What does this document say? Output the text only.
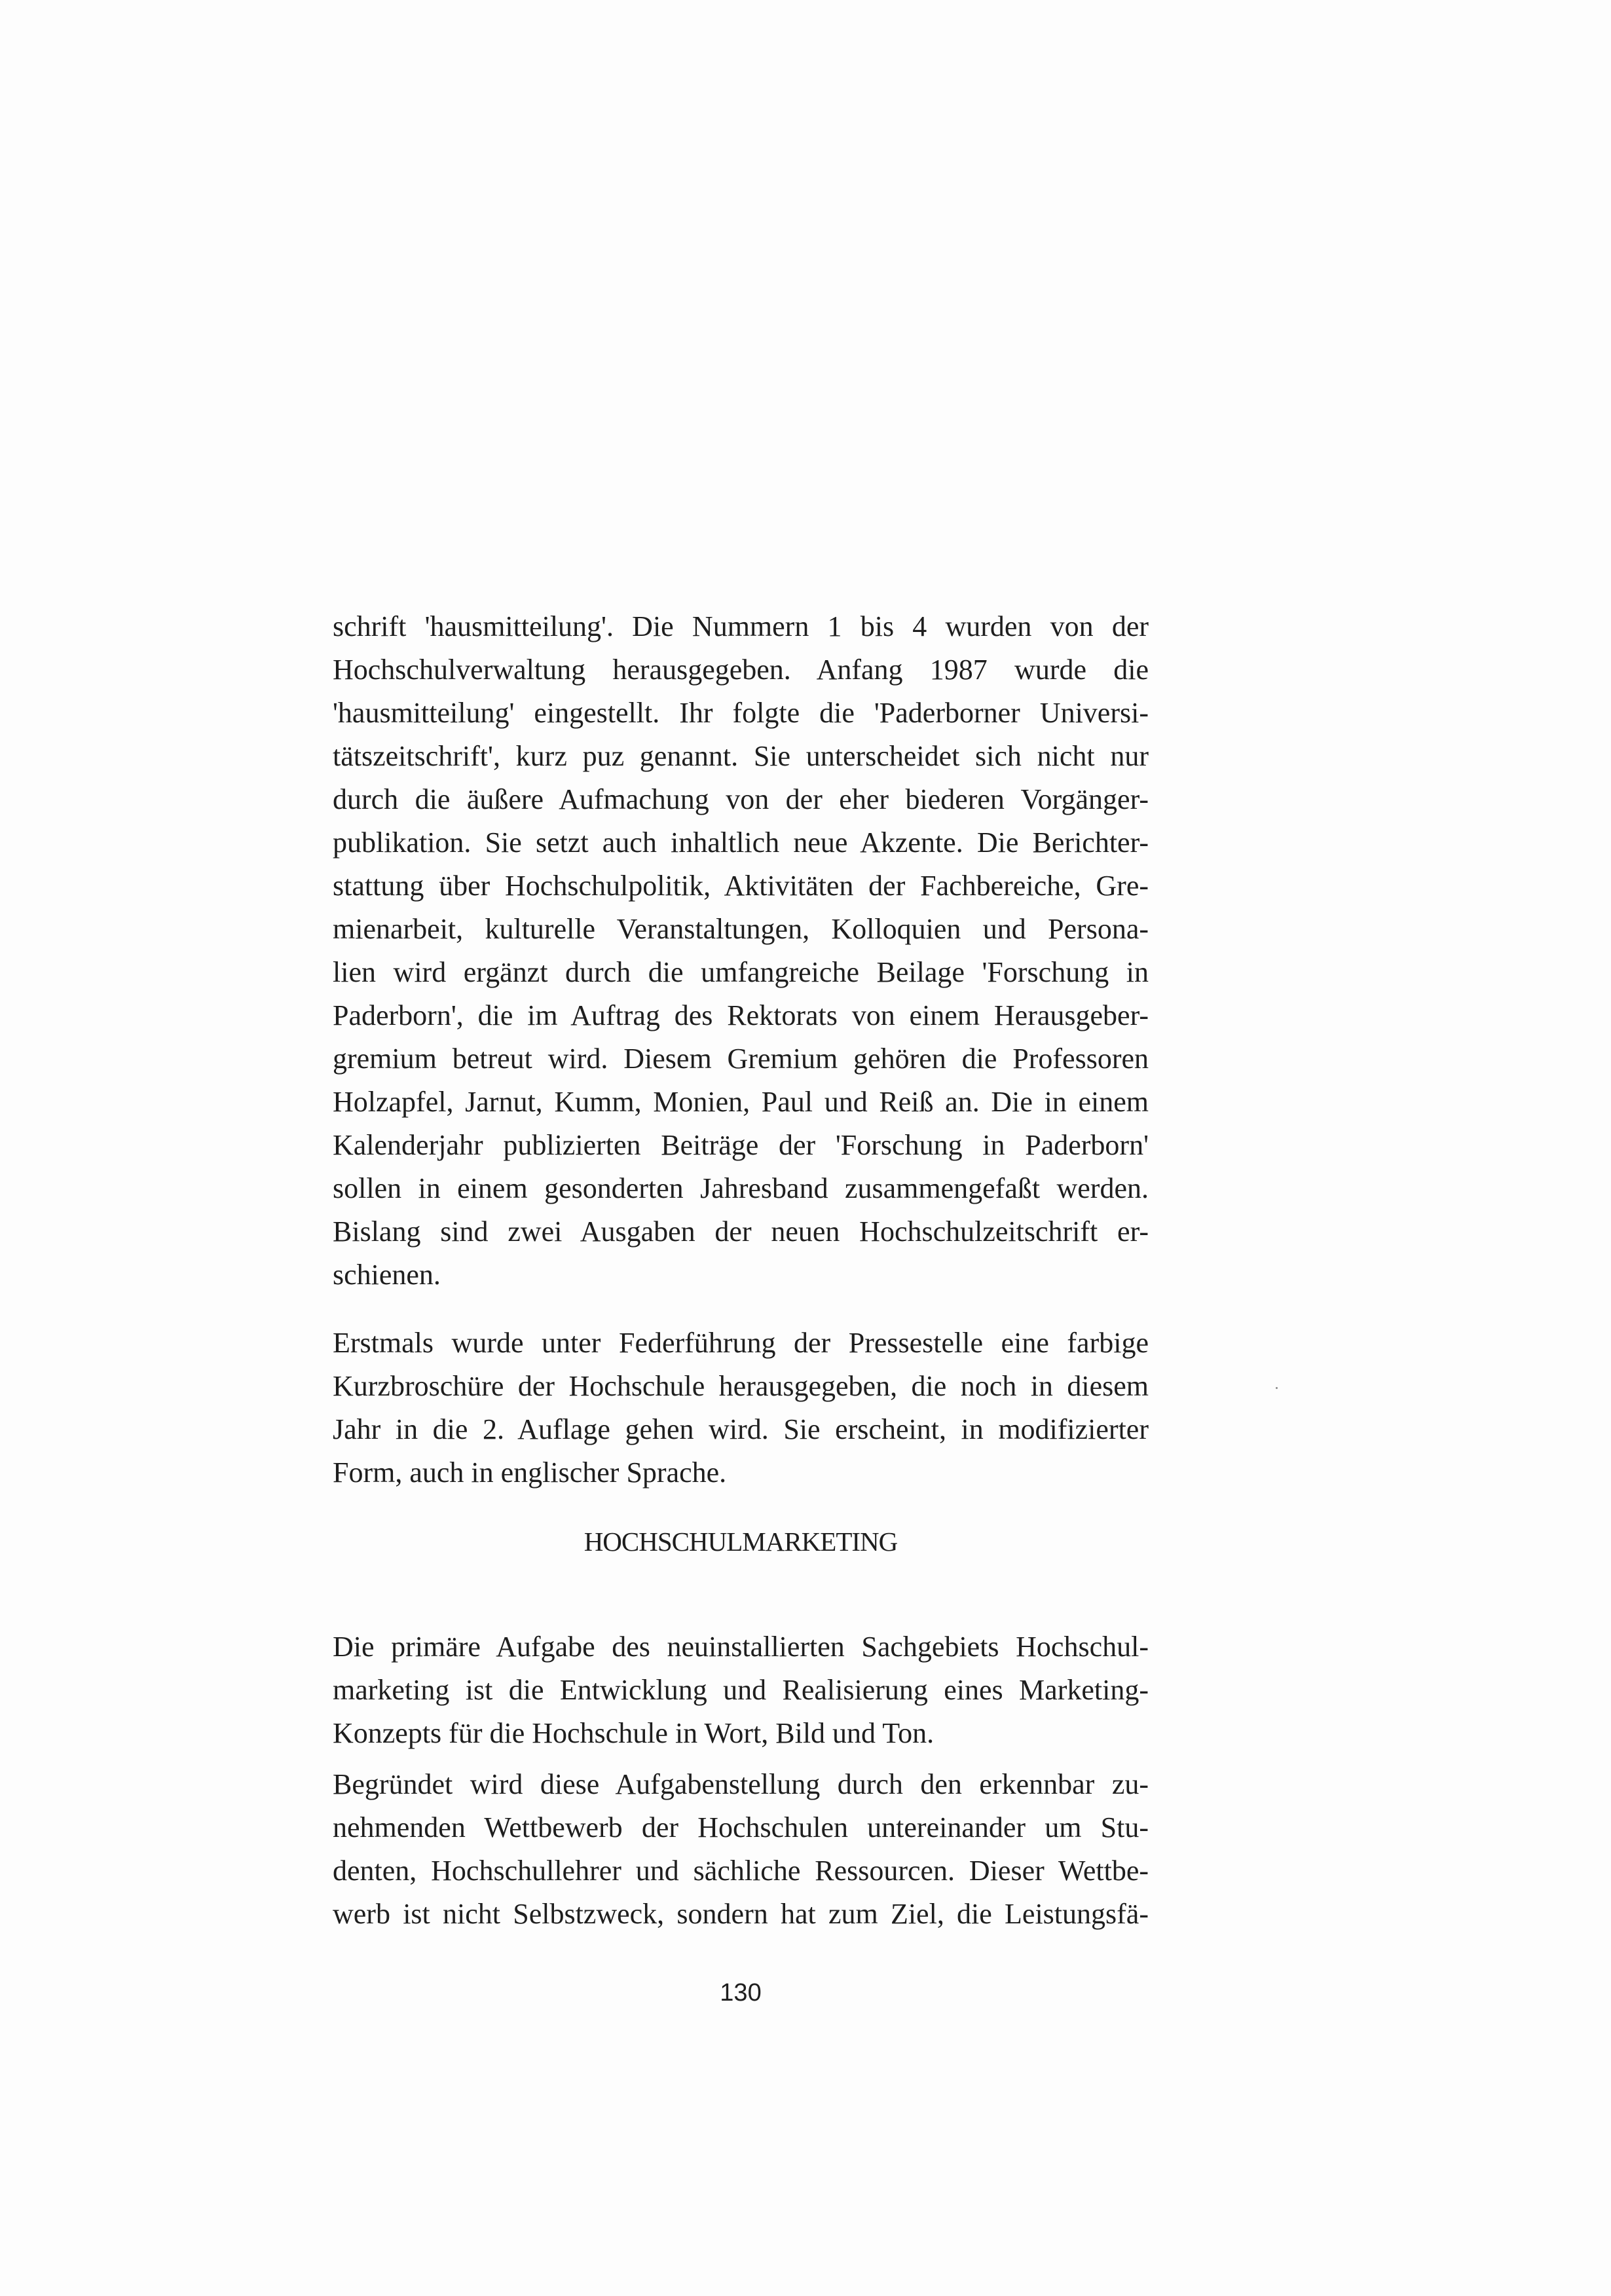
schrift 'hausmitteilung'. Die Nummern 1 bis 4 wurden von der
Hochschulverwaltung herausgegeben. Anfang 1987 wurde die
'hausmitteilung' eingestellt. Ihr folgte die 'Paderborner Universi-
tätszeitschrift', kurz puz genannt. Sie unterscheidet sich nicht nur
durch die äußere Aufmachung von der eher biederen Vorgänger-
publikation. Sie setzt auch inhaltlich neue Akzente. Die Berichter-
stattung über Hochschulpolitik, Aktivitäten der Fachbereiche, Gre-
mienarbeit, kulturelle Veranstaltungen, Kolloquien und Persona-
lien wird ergänzt durch die umfangreiche Beilage 'Forschung in
Paderborn', die im Auftrag des Rektorats von einem Herausgeber-
gremium betreut wird. Diesem Gremium gehören die Professoren
Holzapfel, Jarnut, Kumm, Monien, Paul und Reiß an. Die in einem
Kalenderjahr publizierten Beiträge der 'Forschung in Paderborn'
sollen in einem gesonderten Jahresband zusammengefaßt werden.
Bislang sind zwei Ausgaben der neuen Hochschulzeitschrift er-
schienen.
Erstmals wurde unter Federführung der Pressestelle eine farbige
Kurzbroschüre der Hochschule herausgegeben, die noch in diesem
Jahr in die 2. Auflage gehen wird. Sie erscheint, in modifizierter
Form, auch in englischer Sprache.
HOCHSCHULMARKETING
Die primäre Aufgabe des neuinstallierten Sachgebiets Hochschul-
marketing ist die Entwicklung und Realisierung eines Marketing-
Konzepts für die Hochschule in Wort, Bild und Ton.
Begründet wird diese Aufgabenstellung durch den erkennbar zu-
nehmenden Wettbewerb der Hochschulen untereinander um Stu-
denten, Hochschullehrer und sächliche Ressourcen. Dieser Wettbe-
werb ist nicht Selbstzweck, sondern hat zum Ziel, die Leistungsfä-
130
